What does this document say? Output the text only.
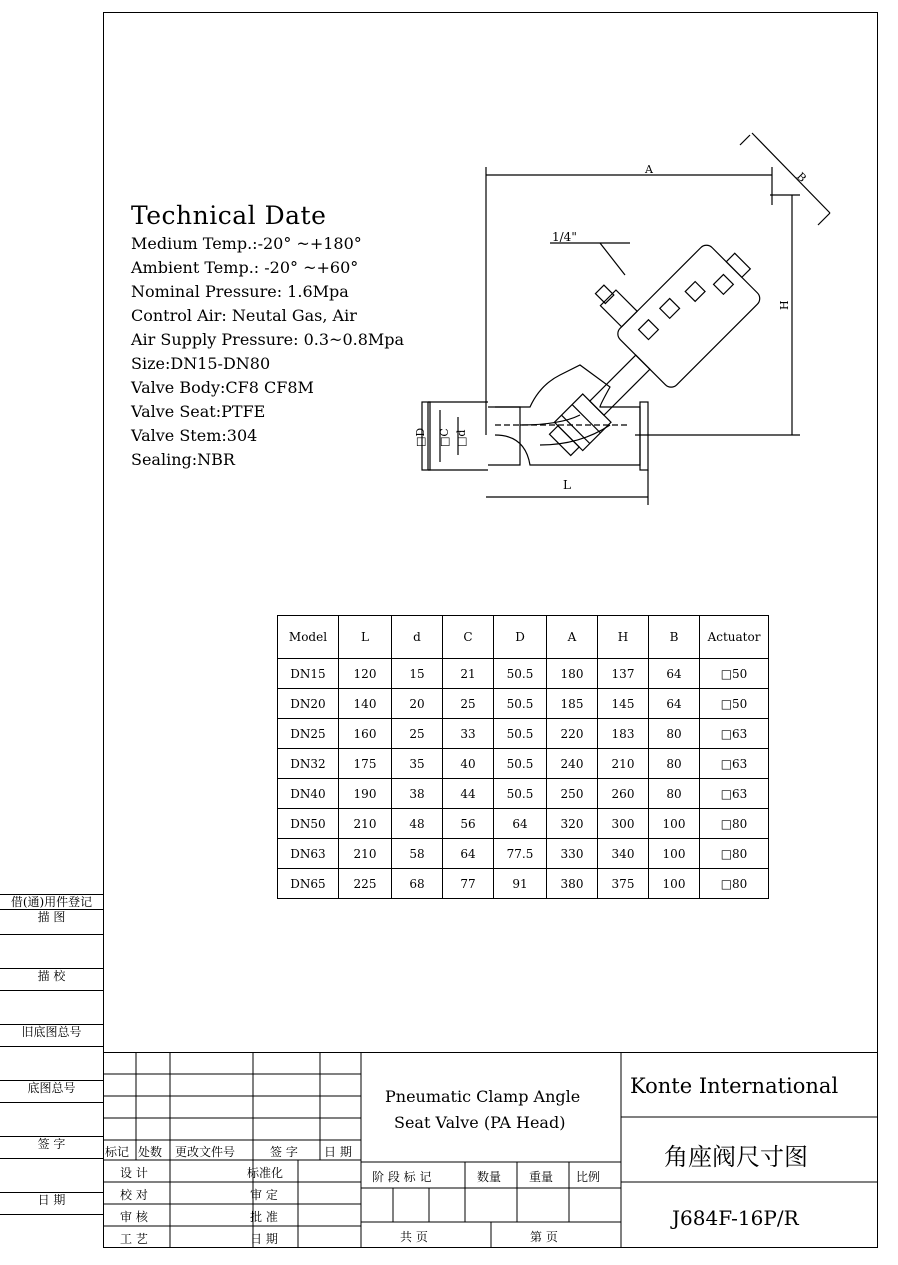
Technical Date
Medium Temp.:-20° ~+180°
Ambient Temp.: -20° ~+60°
Nominal Pressure: 1.6Mpa
Control Air: Neutal Gas, Air
Air Supply Pressure: 0.3~0.8Mpa
Size:DN15-DN80
Valve Body:CF8 CF8M
Valve Seat:PTFE
Valve Stem:304
Sealing:NBR
A
B
H
1/4"
□D □C □d
L
Model	L	d	C	D	A	H	B	Actuator
DN15	120	15	21	50.5	180	137	64	□50
DN20	140	20	25	50.5	185	145	64	□50
DN25	160	25	33	50.5	220	183	80	□63
DN32	175	35	40	50.5	240	210	80	□63
DN40	190	38	44	50.5	250	260	80	□63
DN50	210	48	56	64	320	300	100	□80
DN63	210	58	64	77.5	330	340	100	□80
DN65	225	68	77	91	380	375	100	□80
借(通)用件登记
描 图
描 校
旧底图总号
底图总号
签 字
日 期
标记 处数 更改文件号	签 字 日 期
设 计
校 对
审 核
工 艺
标准化
审 定
批 准
日 期
Pneumatic Clamp Angle
Seat Valve (PA Head)
阶 段 标 记	数量 重量 比例
共 页	第 页
Konte International
角座阀尺寸图
J684F-16P/R
